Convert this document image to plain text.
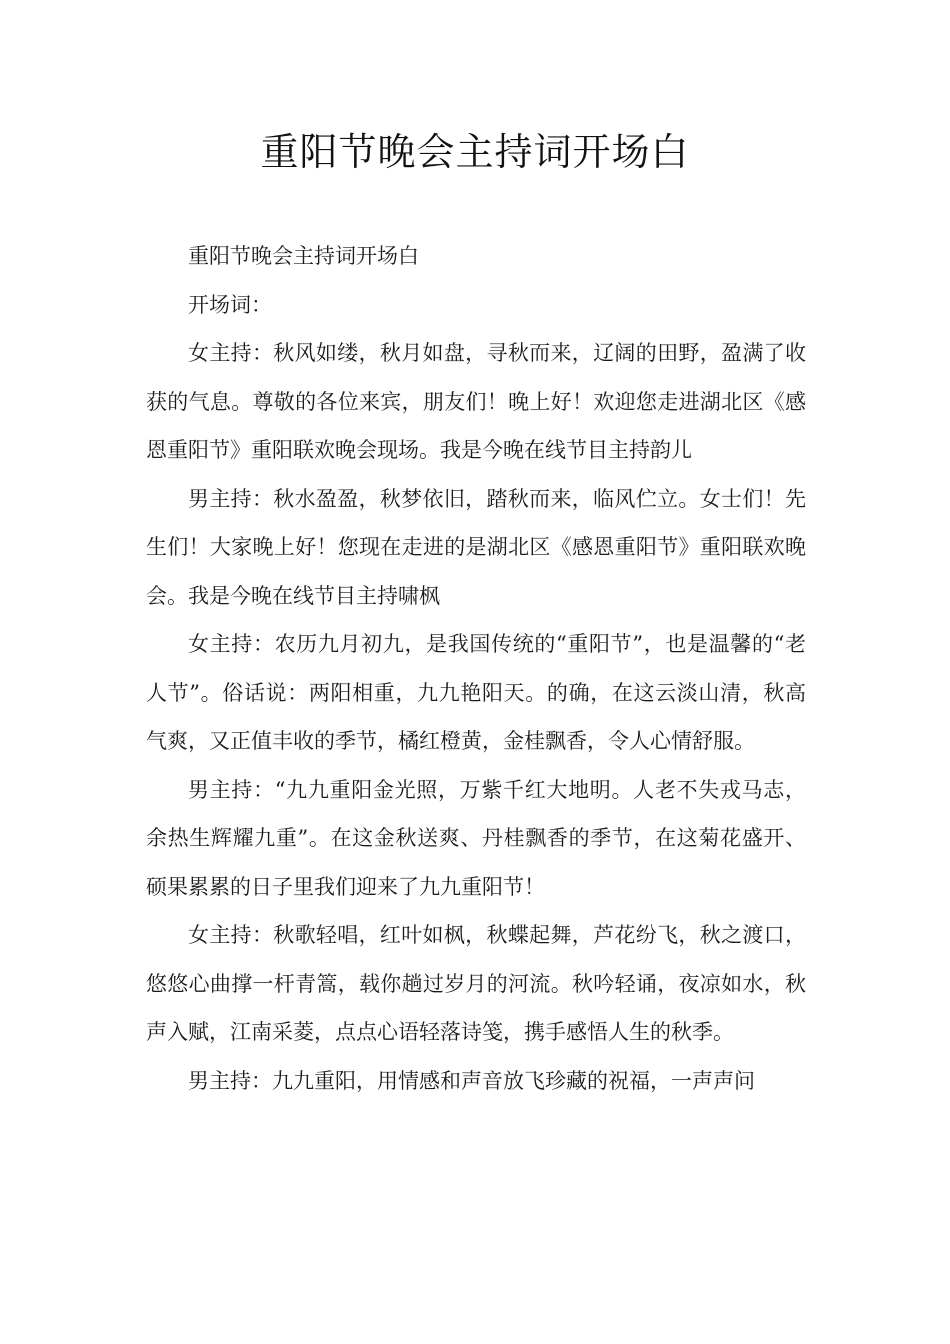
重阳节晚会主持词开场白

重阳节晚会主持词开场白

开场词：

女主持：秋风如缕，秋月如盘，寻秋而来，辽阔的田野，盈满了收获的气息。尊敬的各位来宾，朋友们！晚上好！欢迎您走进湖北区《感恩重阳节》重阳联欢晚会现场。我是今晚在线节目主持韵儿

男主持：秋水盈盈，秋梦依旧，踏秋而来，临风伫立。女士们！先生们！大家晚上好！您现在走进的是湖北区《感恩重阳节》重阳联欢晚会。我是今晚在线节目主持啸枫

女主持：农历九月初九，是我国传统的“重阳节”，也是温馨的“老人节”。俗话说：两阳相重，九九艳阳天。的确，在这云淡山清，秋高气爽，又正值丰收的季节，橘红橙黄，金桂飘香，令人心情舒服。

男主持：“九九重阳金光照，万紫千红大地明。人老不失戎马志，余热生辉耀九重”。在这金秋送爽、丹桂飘香的季节，在这菊花盛开、硕果累累的日子里我们迎来了九九重阳节！

女主持：秋歌轻唱，红叶如枫，秋蝶起舞，芦花纷飞，秋之渡口，悠悠心曲撑一杆青篙，载你趟过岁月的河流。秋吟轻诵，夜凉如水，秋声入赋，江南采菱，点点心语轻落诗笺，携手感悟人生的秋季。

男主持：九九重阳，用情感和声音放飞珍藏的祝福，一声声问
